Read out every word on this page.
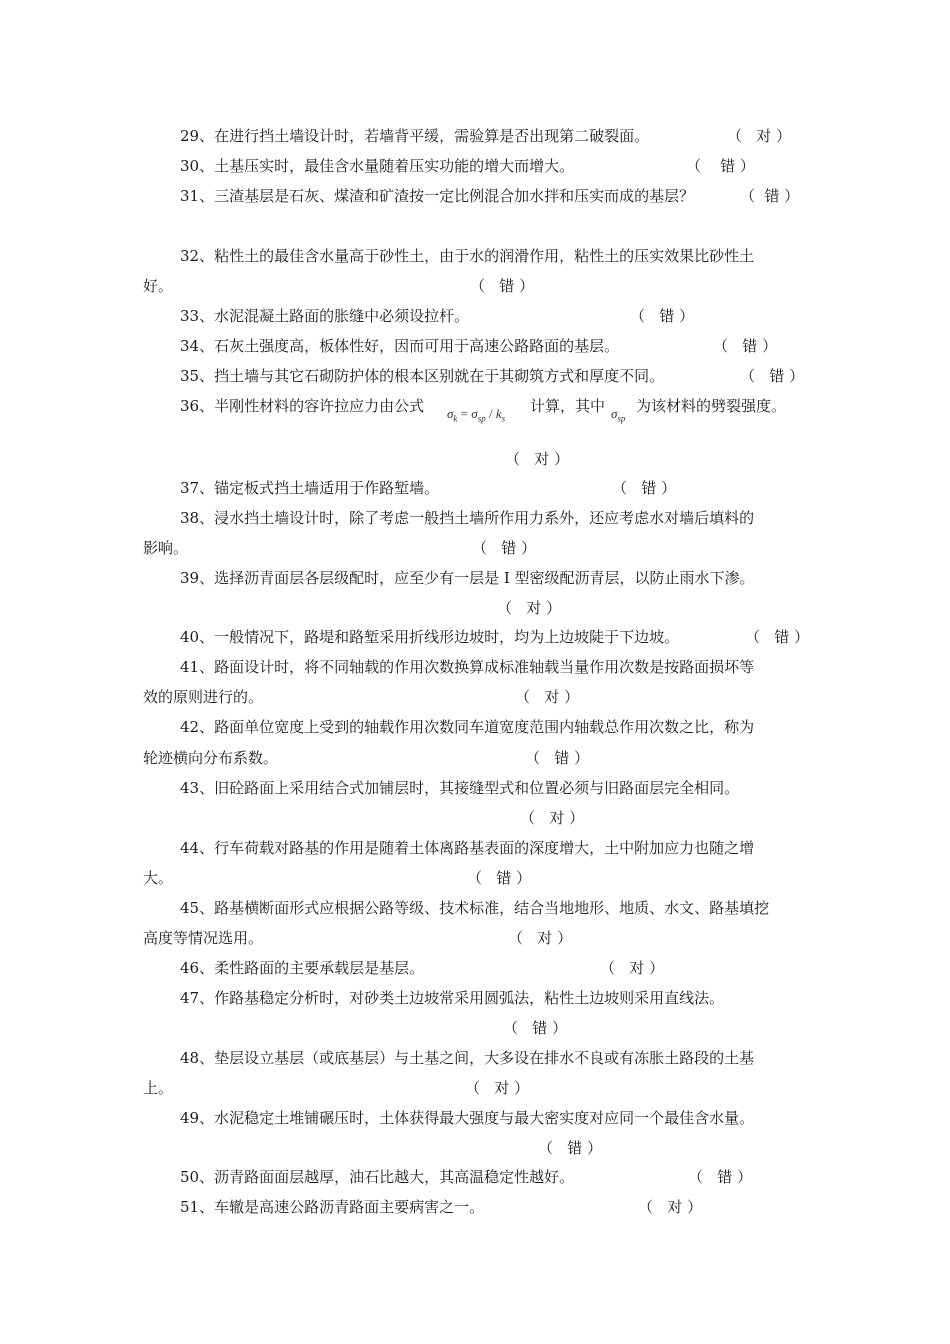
29、在进行挡土墙设计时，若墙背平缓，需验算是否出现第二破裂面。	（   对 ）
30、土基压实时，最佳含水量随着压实功能的增大而增大。	（    错 ）
31、三渣基层是石灰、煤渣和矿渣按一定比例混合加水拌和压实而成的基层？	（  错 ）
32、粘性土的最佳含水量高于砂性土，由于水的润滑作用，粘性土的压实效果比砂性土
好。	（   错 ）
33、水泥混凝土路面的胀缝中必须设拉杆。	（   错 ）
34、石灰土强度高，板体性好，因而可用于高速公路路面的基层。	（   错 ）
35、挡土墙与其它石砌防护体的根本区别就在于其砌筑方式和厚度不同。	（   错 ）
36、半刚性材料的容许拉应力由公式 $\sigma_k = \sigma_{sp} / k_s$
计算，其中 $\sigma_{sp}$
为该材料的劈裂强度。
（   对 ）
37、锚定板式挡土墙适用于作路堑墙。	（   错 ）
38、浸水挡土墙设计时，除了考虑一般挡土墙所作用力系外，还应考虑水对墙后填料的
影响。	（   错 ）
39、选择沥青面层各层级配时，应至少有一层是 I 型密级配沥青层，以防止雨水下渗。
（   对 ）
40、一般情况下，路堤和路堑采用折线形边坡时，均为上边坡陡于下边坡。	（   错 ）
41、路面设计时，将不同轴载的作用次数换算成标准轴载当量作用次数是按路面损坏等
效的原则进行的。	（   对 ）
42、路面单位宽度上受到的轴载作用次数同车道宽度范围内轴载总作用次数之比，称为
轮迹横向分布系数。	（   错 ）
43、旧砼路面上采用结合式加铺层时，其接缝型式和位置必须与旧路面层完全相同。
（   对 ）
44、行车荷载对路基的作用是随着土体离路基表面的深度增大，土中附加应力也随之增
大。	（   错 ）
45、路基横断面形式应根据公路等级、技术标准，结合当地地形、地质、水文、路基填挖
高度等情况选用。	（   对 ）
46、柔性路面的主要承载层是基层。	（   对 ）
47、作路基稳定分析时，对砂类土边坡常采用圆弧法，粘性土边坡则采用直线法。
（   错 ）
48、垫层设立基层（或底基层）与土基之间，大多设在排水不良或有冻胀土路段的土基
上。	（   对 ）
49、水泥稳定土堆铺碾压时，土体获得最大强度与最大密实度对应同一个最佳含水量。
（   错 ）
50、沥青路面面层越厚，油石比越大，其高温稳定性越好。	（   错 ）
51、车辙是高速公路沥青路面主要病害之一。	（   对 ）
